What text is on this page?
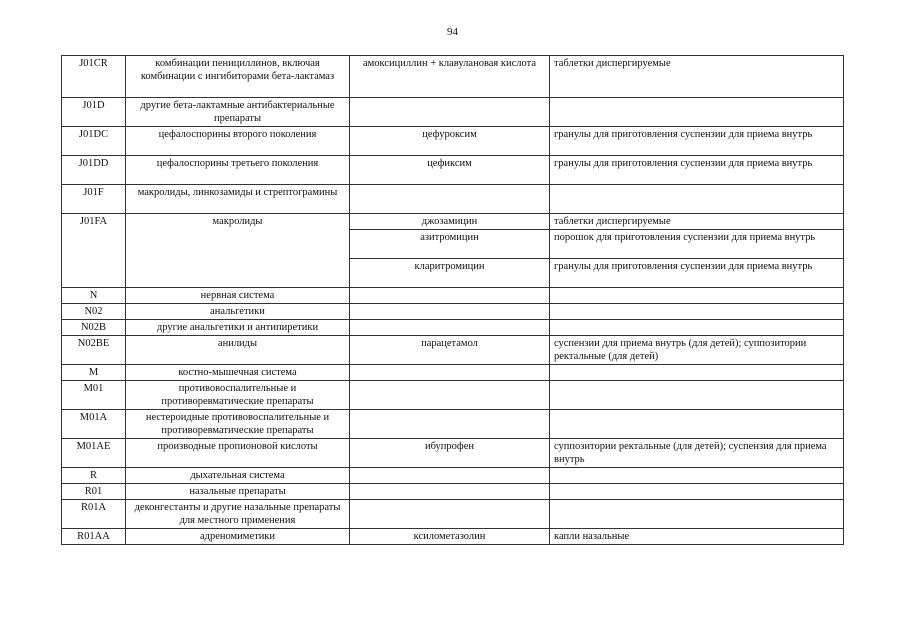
94
J01CR	комбинации пенициллинов, включая комбинации с ингибиторами бета-лактамаз	амоксициллин + клавулановая кислота	таблетки диспергируемые
J01D	другие бета-лактамные антибактериальные препараты		
J01DC	цефалоспорины второго поколения	цефуроксим	гранулы для приготовления суспензии для приема внутрь
J01DD	цефалоспорины третьего поколения	цефиксим	гранулы для приготовления суспензии для приема внутрь
J01F	макролиды, линкозамиды и стрептограмины		
J01FA	макролиды	джозамицин	таблетки диспергируемые
		азитромицин	порошок для приготовления суспензии для приема внутрь
		кларитромицин	гранулы для приготовления суспензии для приема внутрь
N	нервная система		
N02	анальгетики		
N02B	другие анальгетики и антипиретики		
N02BE	анилиды	парацетамол	суспензии для приема внутрь (для детей); суппозитории ректальные (для детей)
M	костно-мышечная система		
M01	противовоспалительные и противоревматические препараты		
M01A	нестероидные противовоспалительные и противоревматические препараты		
M01AE	производные пропионовой кислоты	ибупрофен	суппозитории ректальные (для детей); суспензия для приема внутрь
R	дыхательная система		
R01	назальные препараты		
R01A	деконгестанты и другие назальные препараты для местного применения		
R01AA	адреномиметики	ксилометазолин	капли назальные
